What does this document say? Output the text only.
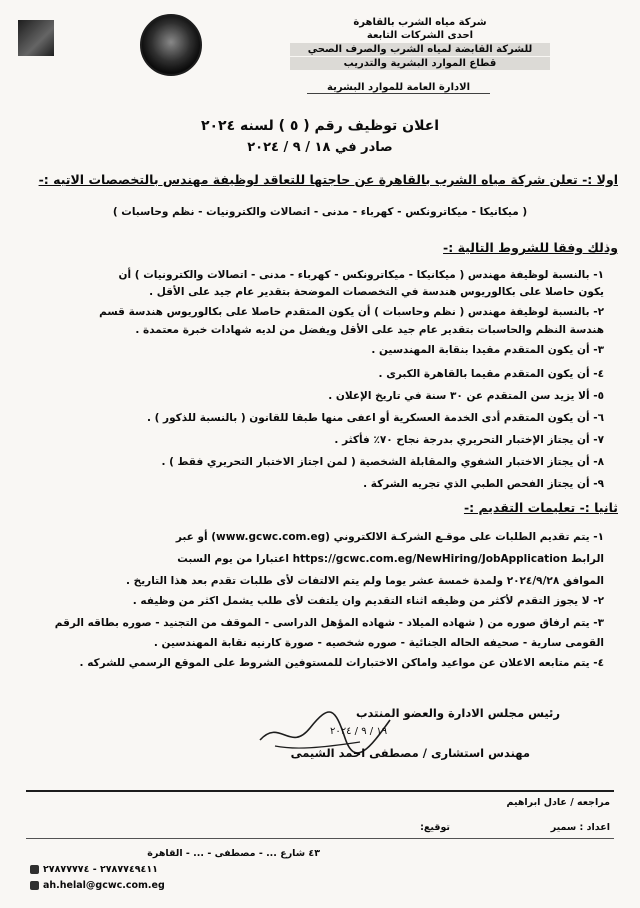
شركة مياه الشرب بالقاهرة
احدى الشركات التابعة
للشركة القابضة لمياه الشرب والصرف الصحي
قطاع الموارد البشرية والتدريب
الادارة العامة للموارد البشرية
اعلان توظيف رقم ( ٥ ) لسنه ٢٠٢٤
صادر في ١٨ / ٩ / ٢٠٢٤
اولا :- تعلن شركة مياه الشرب بالقاهرة عن حاجتها للتعاقد لوظيفة مهندس بالتخصصات الاتيه :-
( ميكانيكا - ميكاترونكس - كهرباء - مدنى - اتصالات والكترونيات - نظم وحاسبات )
وذلك وفقا للشروط التالية :-
١- بالنسبة لوظيفة مهندس ( ميكانيكا - ميكاترونكس - كهرباء - مدنى - اتصالات والكترونيات ) أن
يكون حاصلا على بكالوريوس هندسة في التخصصات الموضحة بتقدير عام جيد على الأقل .
٢- بالنسبة لوظيفة مهندس ( نظم وحاسبات ) أن يكون المتقدم حاصلا على بكالوريوس هندسة قسم
هندسة النظم والحاسبات بتقدير عام جيد على الأقل ويفضل من لديه شهادات خبرة معتمدة .
٣- أن يكون المتقدم مقيدا بنقابة المهندسين .
٤- أن يكون المتقدم مقيما بالقاهرة الكبرى .
٥- ألا يزيد سن المتقدم عن ٣٠ سنة في تاريخ الإعلان .
٦- أن يكون المتقدم أدى الخدمة العسكرية أو اعفى منها طبقا للقانون ( بالنسبة للذكور ) .
٧- أن يجتاز الإختبار التحريري بدرجة نجاح ٧٠٪ فأكثر .
٨- أن يجتاز الاختبار الشفوي والمقابلة الشخصية ( لمن اجتاز الاختبار التحريري فقط ) .
٩- أن يجتاز الفحص الطبي الذي تجريه الشركة .
ثانيا :- تعليمات التقديم :-
١- يتم تقديم الطلبات على موقـع الشركـة الالكتروني (www.gcwc.com.eg) أو عبر
الرابط https://gcwc.com.eg/NewHiring/JobApplication اعتبارا من يوم السبت
الموافق ٢٠٢٤/٩/٢٨ ولمدة خمسة عشر يوما ولم يتم الالتفات لأى طلبات تقدم بعد هذا التاريخ .
٢- لا يجوز التقدم لأكثر من وظيفه اثناء التقديم وان يلتفت لأى طلب يشمل اكثر من وظيفه .
٣- يتم ارفاق صوره من ( شهاده الميلاد - شهاده المؤهل الدراسى - الموقف من التجنيد - صوره بطاقه الرقم
القومى سارية - صحيفه الحاله الجنائية - صوره شخصيه - صورة كارنيه نقابة المهندسين .
٤- يتم متابعه الاعلان عن مواعيد واماكن الاختبارات للمستوفين الشروط على الموقع الرسمي للشركه .
رئيس مجلس الادارة والعضو المنتدب
١٩ / ٩ / ٢٠٢٤
مهندس استشارى / مصطفى احمد الشيمى
مراجعه / عادل ابراهيم
اعداد : سمير
توقيع:
٤٣ شارع ... - مصطفى - ... - القاهرة
٢٧٨٧٧٤٩٤١١ - ٢٧٨٧٧٧٧٤
ah.helal@gcwc.com.eg
